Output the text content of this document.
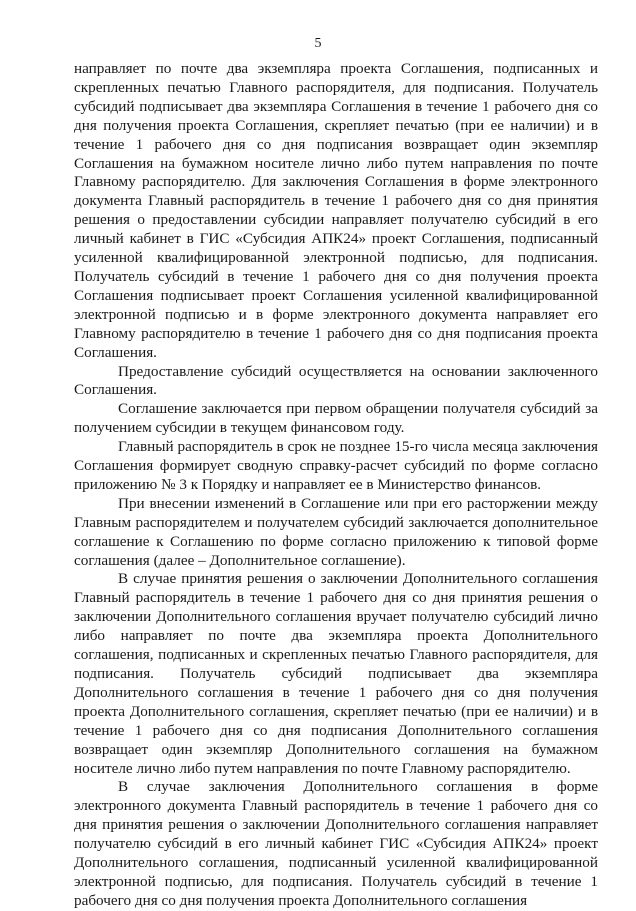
5

направляет по почте два экземпляра проекта Соглашения, подписанных и скрепленных печатью Главного распорядителя, для подписания. Получатель субсидий подписывает два экземпляра Соглашения в течение 1 рабочего дня со дня получения проекта Соглашения, скрепляет печатью (при ее наличии) и в течение 1 рабочего дня со дня подписания возвращает один экземпляр Соглашения на бумажном носителе лично либо путем направления по почте Главному распорядителю. Для заключения Соглашения в форме электронного документа Главный распорядитель в течение 1 рабочего дня со дня принятия решения о предоставлении субсидии направляет получателю субсидий в его личный кабинет в ГИС «Субсидия АПК24» проект Соглашения, подписанный усиленной квалифицированной электронной подписью, для подписания. Получатель субсидий в течение 1 рабочего дня со дня получения проекта Соглашения подписывает проект Соглашения усиленной квалифицированной электронной подписью и в форме электронного документа направляет его Главному распорядителю в течение 1 рабочего дня со дня подписания проекта Соглашения.

Предоставление субсидий осуществляется на основании заключенного Соглашения.

Соглашение заключается при первом обращении получателя субсидий за получением субсидии в текущем финансовом году.

Главный распорядитель в срок не позднее 15-го числа месяца заключения Соглашения формирует сводную справку-расчет субсидий по форме согласно приложению № 3 к Порядку и направляет ее в Министерство финансов.

При внесении изменений в Соглашение или при его расторжении между Главным распорядителем и получателем субсидий заключается дополнительное соглашение к Соглашению по форме согласно приложению к типовой форме соглашения (далее – Дополнительное соглашение).

В случае принятия решения о заключении Дополнительного соглашения Главный распорядитель в течение 1 рабочего дня со дня принятия решения о заключении Дополнительного соглашения вручает получателю субсидий лично либо направляет по почте два экземпляра проекта Дополнительного соглашения, подписанных и скрепленных печатью Главного распорядителя, для подписания. Получатель субсидий подписывает два экземпляра Дополнительного соглашения в течение 1 рабочего дня со дня получения проекта Дополнительного соглашения, скрепляет печатью (при ее наличии) и в течение 1 рабочего дня со дня подписания Дополнительного соглашения возвращает один экземпляр Дополнительного соглашения на бумажном носителе лично либо путем направления по почте Главному распорядителю.

В случае заключения Дополнительного соглашения в форме электронного документа Главный распорядитель в течение 1 рабочего дня со дня принятия решения о заключении Дополнительного соглашения направляет получателю субсидий в его личный кабинет ГИС «Субсидия АПК24» проект Дополнительного соглашения, подписанный усиленной квалифицированной электронной подписью, для подписания. Получатель субсидий в течение 1 рабочего дня со дня получения проекта Дополнительного соглашения
